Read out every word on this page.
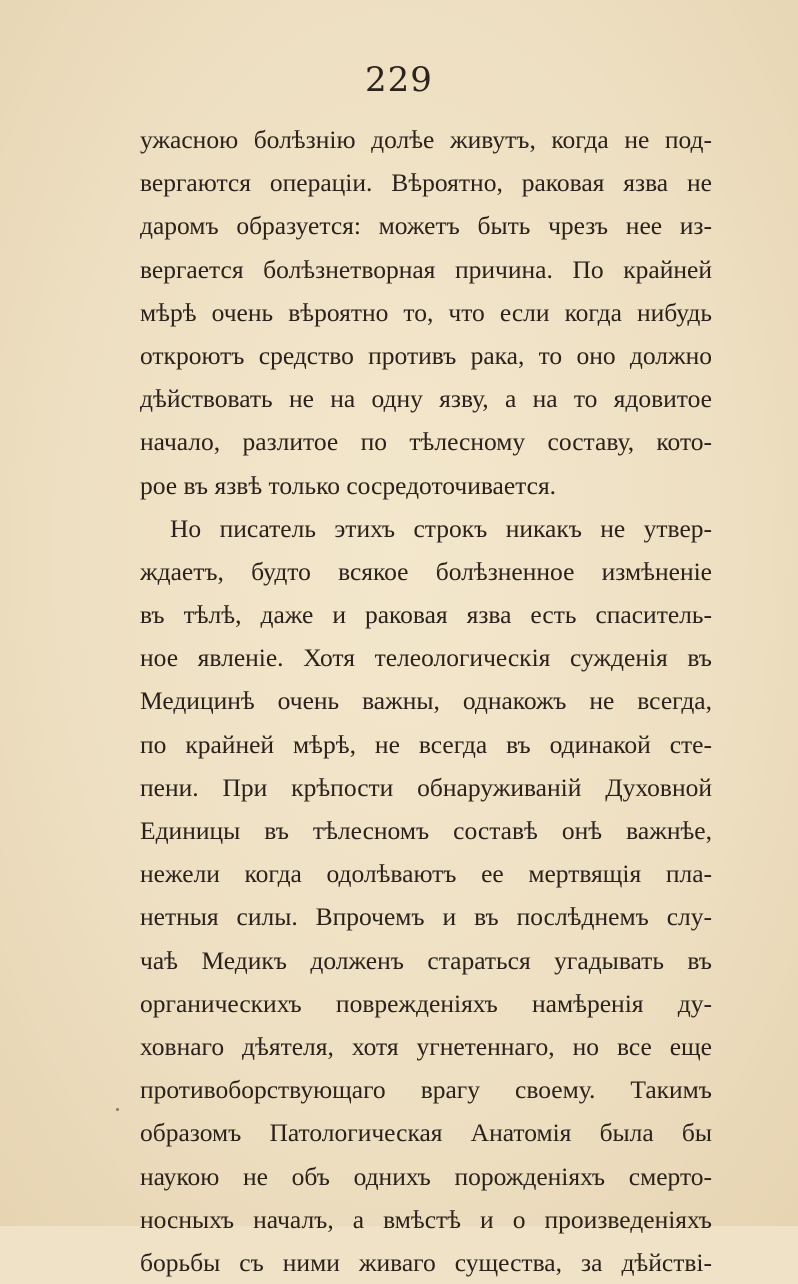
229
ужасною болѣзнію долѣе живутъ, когда не под-
вергаются операціи. Вѣроятно, раковая язва не
даромъ образуется: можетъ быть чрезъ нее из-
вергается болѣзнетворная причина. По крайней
мѣрѣ очень вѣроятно то, что если когда нибудь
откроютъ средство противъ рака, то оно должно
дѣйствовать не на одну язву, а на то ядовитое
начало, разлитое по тѣлесному составу, кото-
рое въ язвѣ только сосредоточивается.
Но писатель этихъ строкъ никакъ не утвер-
ждаетъ, будто всякое болѣзненное измѣненіе
въ тѣлѣ, даже и раковая язва есть спаситель-
ное явленіе. Хотя телеологическія сужденія въ
Медицинѣ очень важны, однакожъ не всегда,
по крайней мѣрѣ, не всегда въ одинакой сте-
пени. При крѣпости обнаруживаній Духовной
Единицы въ тѣлесномъ составѣ онѣ важнѣе,
нежели когда одолѣваютъ ее мертвящія пла-
нетныя силы. Впрочемъ и въ послѣднемъ слу-
чаѣ Медикъ долженъ стараться угадывать въ
органическихъ поврежденіяхъ намѣренія ду-
ховнаго дѣятеля, хотя угнетеннаго, но все еще
противоборствующаго врагу своему. Такимъ
образомъ Патологическая Анатомія была бы
наукою не объ однихъ порожденіяхъ смерто-
носныхъ началъ, а вмѣстѣ и о произведеніяхъ
борьбы съ ними живаго существа, за дѣйстві-
